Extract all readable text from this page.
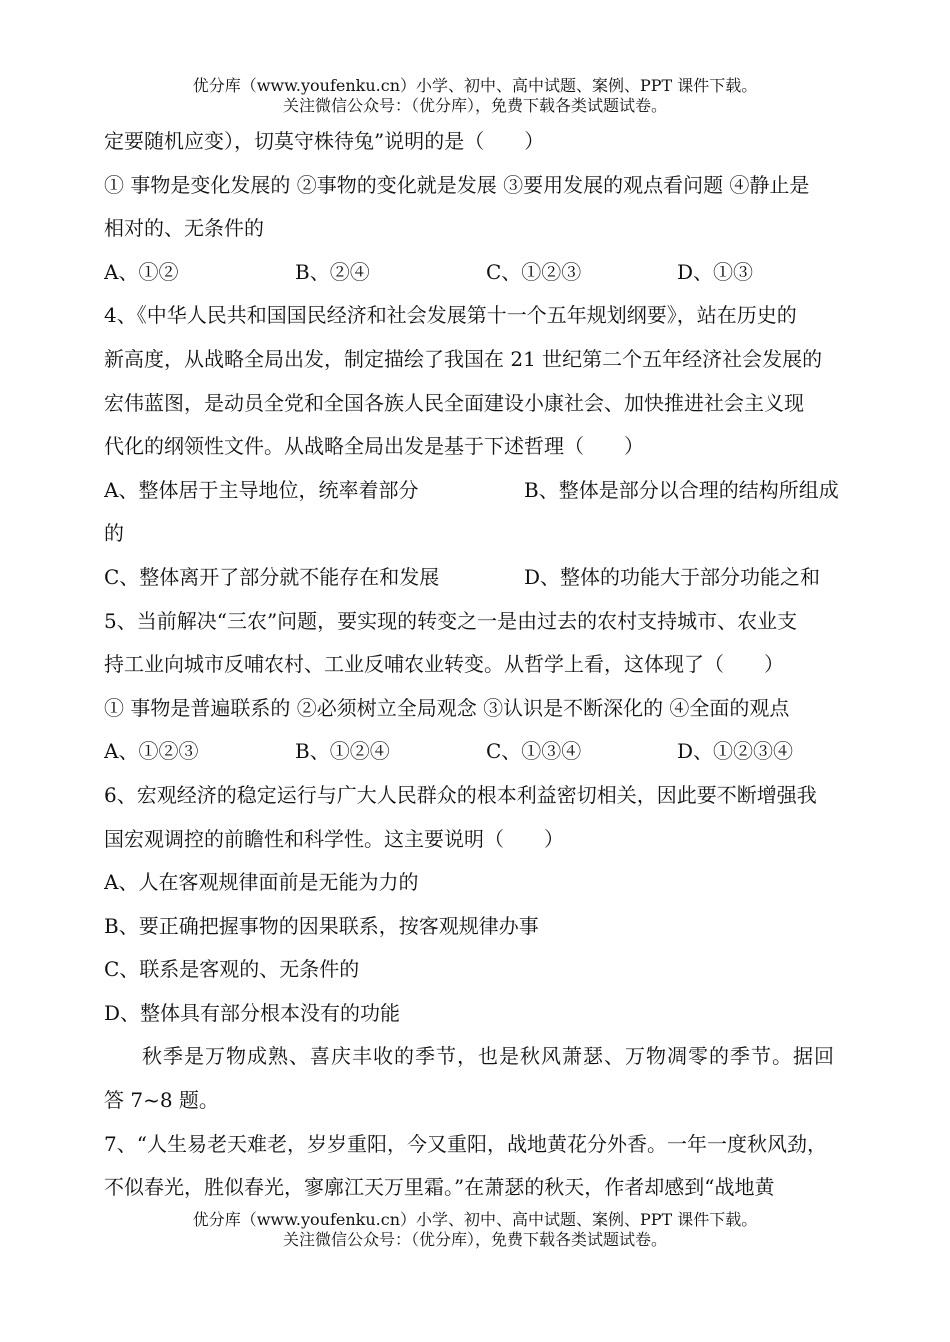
优分库（www.youfenku.cn）小学、初中、高中试题、案例、PPT 课件下载。
关注微信公众号：（优分库），免费下载各类试题试卷。
定要随机应变），切莫守株待兔”说明的是（　　）
① 事物是变化发展的 ②事物的变化就是发展 ③要用发展的观点看问题 ④静止是
相对的、无条件的
A、①②	B、②④	C、①②③	D、①③
4、《中华人民共和国国民经济和社会发展第十一个五年规划纲要》，站在历史的
新高度，从战略全局出发，制定描绘了我国在 21 世纪第二个五年经济社会发展的
宏伟蓝图，是动员全党和全国各族人民全面建设小康社会、加快推进社会主义现
代化的纲领性文件。从战略全局出发是基于下述哲理（　　）
A、整体居于主导地位，统率着部分	B、整体是部分以合理的结构所组成
的
C、整体离开了部分就不能存在和发展	D、整体的功能大于部分功能之和
5、当前解决“三农”问题，要实现的转变之一是由过去的农村支持城市、农业支
持工业向城市反哺农村、工业反哺农业转变。从哲学上看，这体现了（　　）
① 事物是普遍联系的 ②必须树立全局观念 ③认识是不断深化的 ④全面的观点
A、①②③	B、①②④	C、①③④	D、①②③④
6、宏观经济的稳定运行与广大人民群众的根本利益密切相关，因此要不断增强我
国宏观调控的前瞻性和科学性。这主要说明（　　）
A、人在客观规律面前是无能为力的
B、要正确把握事物的因果联系，按客观规律办事
C、联系是客观的、无条件的
D、整体具有部分根本没有的功能
秋季是万物成熟、喜庆丰收的季节，也是秋风萧瑟、万物凋零的季节。据回
答 7~8 题。
7、“人生易老天难老，岁岁重阳，今又重阳，战地黄花分外香。一年一度秋风劲，
不似春光，胜似春光，寥廓江天万里霜。”在萧瑟的秋天，作者却感到“战地黄
优分库（www.youfenku.cn）小学、初中、高中试题、案例、PPT 课件下载。
关注微信公众号：（优分库），免费下载各类试题试卷。
